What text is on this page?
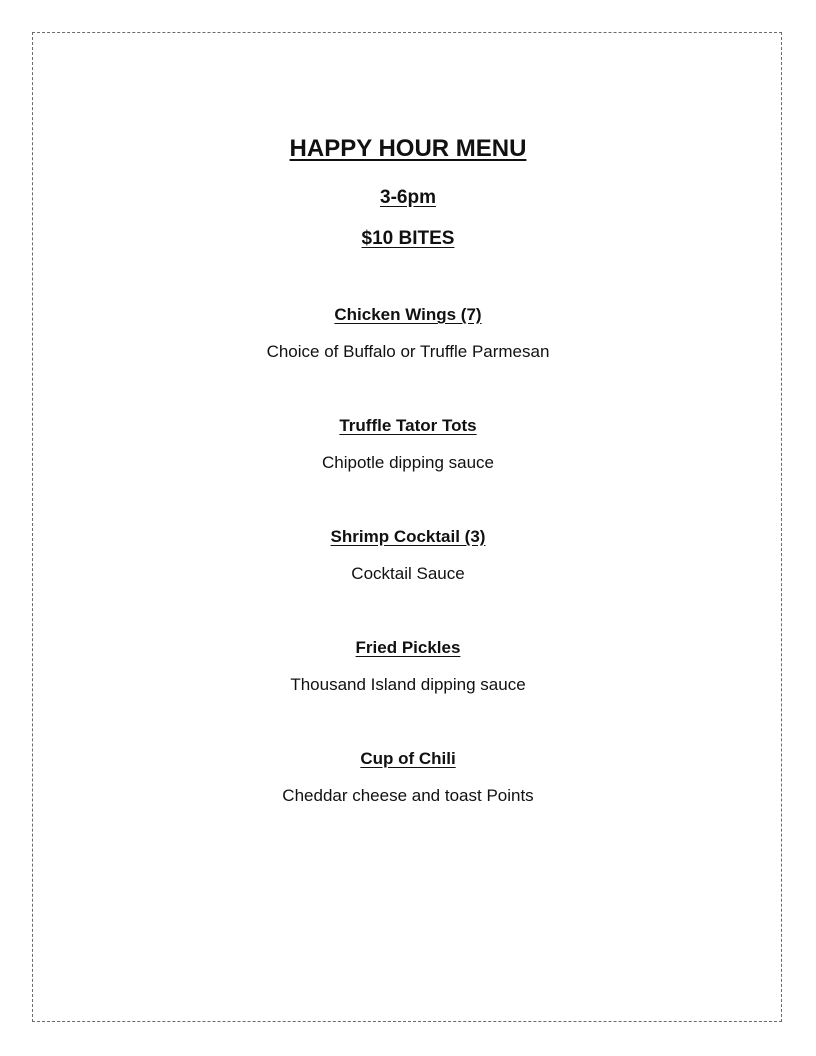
HAPPY HOUR MENU
3-6pm
$10 BITES
Chicken Wings (7)
Choice of Buffalo or Truffle Parmesan
Truffle Tator Tots
Chipotle dipping sauce
Shrimp Cocktail (3)
Cocktail Sauce
Fried Pickles
Thousand Island dipping sauce
Cup of Chili
Cheddar cheese and toast Points
